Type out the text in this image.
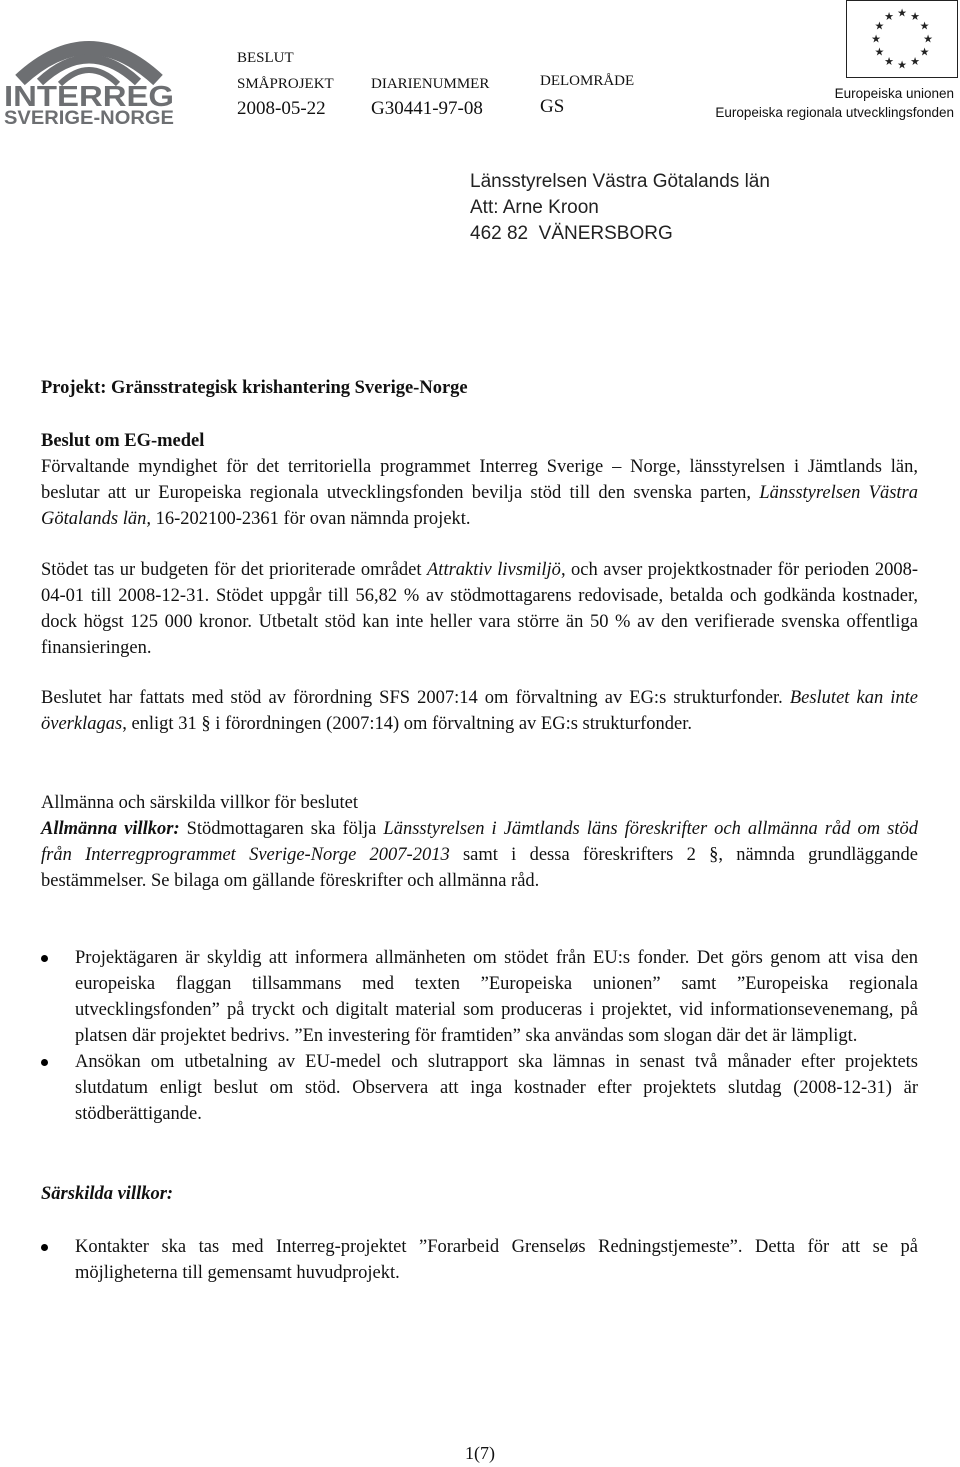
INTERREG
SVERIGE-NORGE
BESLUT
SMÅPROJEKT
2008-05-22
DIARIENUMMER
G30441-97-08
DELOMRÅDE
GS
★ ★
★
★
★
★
★
★
★
★
★
★
Europeiska unionen
Europeiska regionala utvecklingsfonden
Länsstyrelsen Västra Götalands län
Att: Arne Kroon
462 82  VÄNERSBORG
Projekt: Gränsstrategisk krishantering Sverige-Norge
Beslut om EG-medel
Förvaltande myndighet för det territoriella programmet Interreg Sverige – Norge, länsstyrelsen i Jämtlands län, beslutar att ur Europeiska regionala utvecklingsfonden bevilja stöd till den svenska parten, Länsstyrelsen Västra Götalands län, 16-202100-2361 för ovan nämnda projekt.
Stödet tas ur budgeten för det prioriterade området Attraktiv livsmiljö, och avser projektkostnader för perioden 2008-04-01 till 2008-12-31. Stödet uppgår till 56,82 % av stödmottagarens redovisade, betalda och godkända kostnader, dock högst 125 000 kronor. Utbetalt stöd kan inte heller vara större än 50 % av den verifierade svenska offentliga finansieringen.
Beslutet har fattats med stöd av förordning SFS 2007:14 om förvaltning av EG:s strukturfonder. Beslutet kan inte överklagas, enligt 31 § i förordningen (2007:14) om förvaltning av EG:s strukturfonder.
Allmänna och särskilda villkor för beslutet
Allmänna villkor: Stödmottagaren ska följa Länsstyrelsen i Jämtlands läns föreskrifter och allmänna råd om stöd från Interregprogrammet Sverige-Norge 2007-2013 samt i dessa föreskrifters 2 §, nämnda grundläggande bestämmelser. Se bilaga om gällande föreskrifter och allmänna råd.
Projektägaren är skyldig att informera allmänheten om stödet från EU:s fonder. Det görs genom att visa den europeiska flaggan tillsammans med texten ”Europeiska unionen” samt ”Europeiska regionala utvecklingsfonden” på tryckt och digitalt material som produceras i projektet, vid informationsevenemang, på platsen där projektet bedrivs. ”En investering för framtiden” ska användas som slogan där det är lämpligt.
Ansökan om utbetalning av EU-medel och slutrapport ska lämnas in senast två månader efter projektets slutdatum enligt beslut om stöd. Observera att inga kostnader efter projektets slutdag (2008-12-31) är stödberättigande.
Särskilda villkor:
Kontakter ska tas med Interreg-projektet ”Forarbeid Grenseløs Redningstjemeste”. Detta för att se på möjligheterna till gemensamt huvudprojekt.
1(7)
